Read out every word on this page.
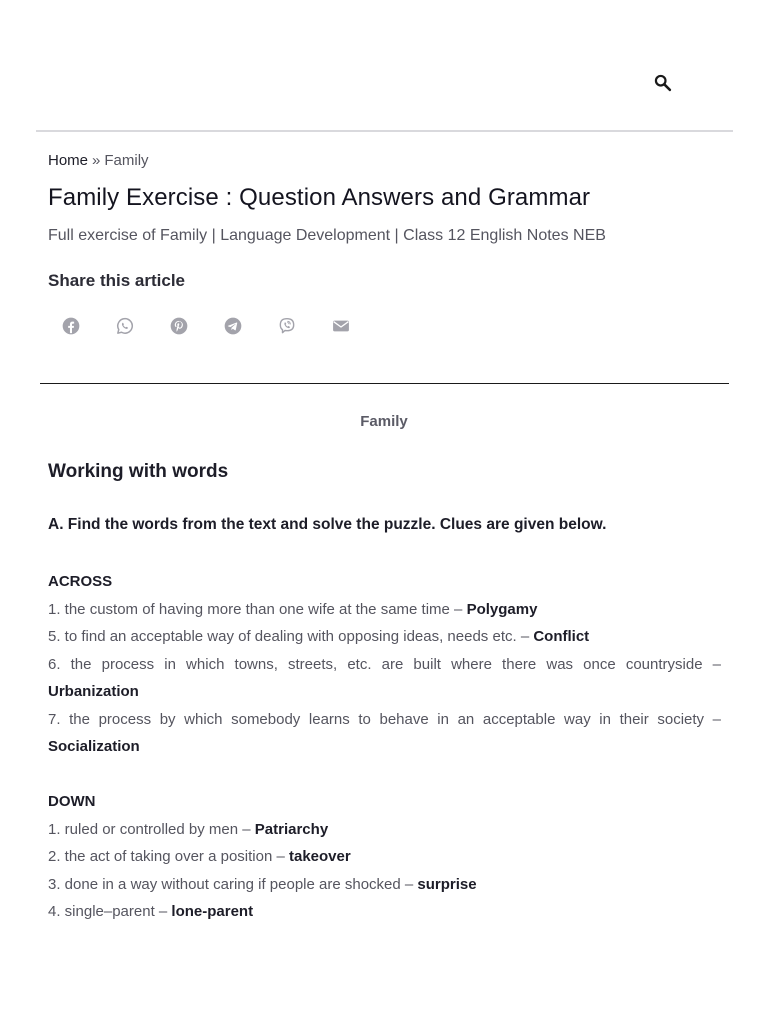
Home » Family
Family Exercise : Question Answers and Grammar

Full exercise of Family | Language Development | Class 12 English Notes NEB

Share this article
Family
Working with words

A. Find the words from the text and solve the puzzle. Clues are given below.

ACROSS
1. the custom of having more than one wife at the same time – Polygamy
5. to find an acceptable way of dealing with opposing ideas, needs etc. – Conflict
6. the process in which towns, streets, etc. are built where there was once countryside – Urbanization
7. the process by which somebody learns to behave in an acceptable way in their society – Socialization
DOWN
1. ruled or controlled by men – Patriarchy
2. the act of taking over a position – takeover
3. done in a way without caring if people are shocked – surprise
4. single–parent – lone-parent
